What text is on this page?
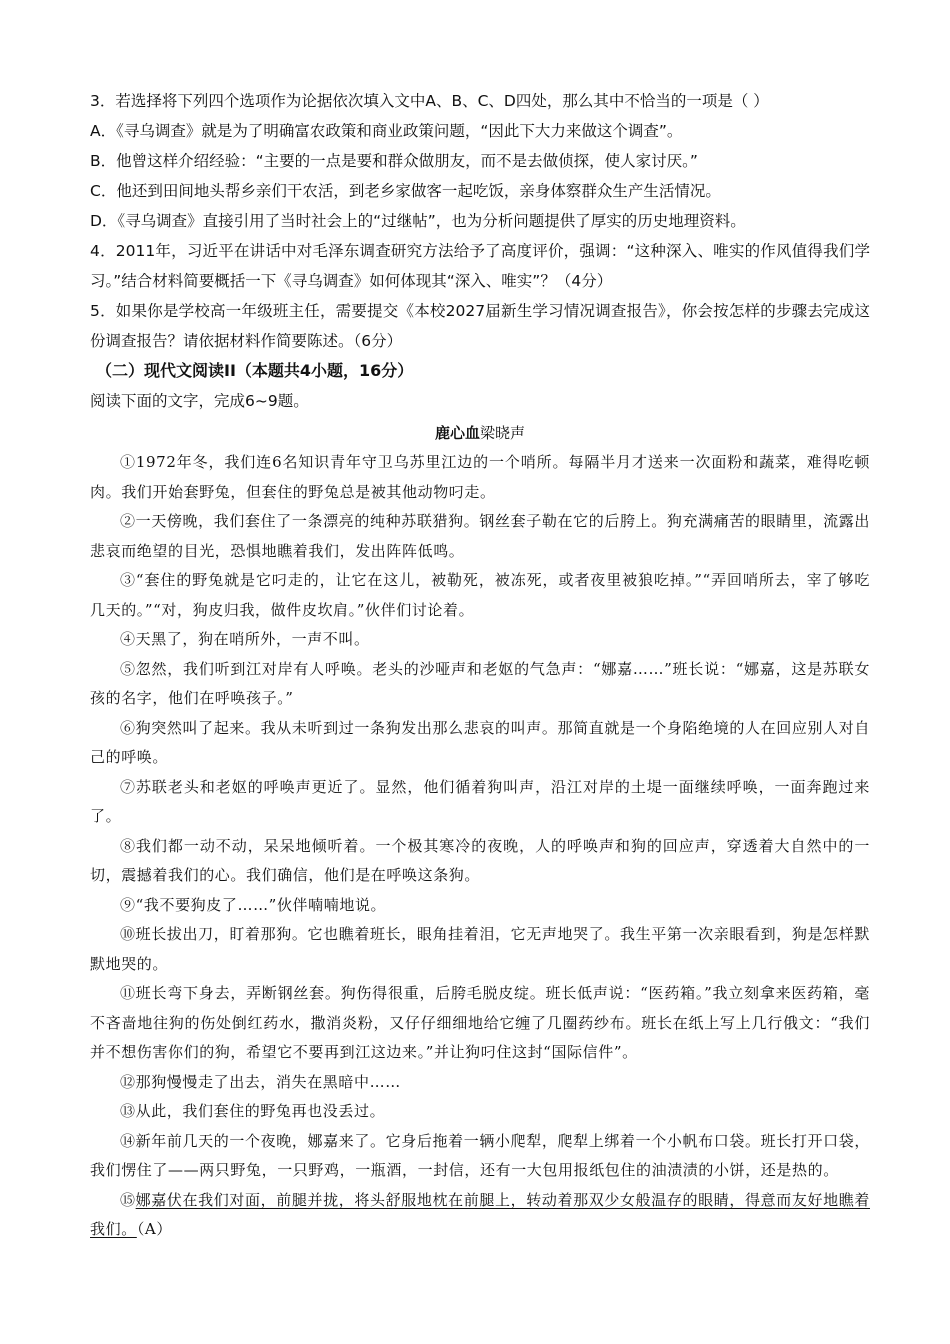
3．若选择将下列四个选项作为论据依次填入文中A、B、C、D四处，那么其中不恰当的一项是（ ）

A．《寻乌调查》就是为了明确富农政策和商业政策问题，“因此下大力来做这个调查”。

B．他曾这样介绍经验：“主要的一点是要和群众做朋友，而不是去做侦探，使人家讨厌。”

C．他还到田间地头帮乡亲们干农活，到老乡家做客一起吃饭，亲身体察群众生产生活情况。

D．《寻乌调查》直接引用了当时社会上的“过继帖”，也为分析问题提供了厚实的历史地理资料。

4．2011年，习近平在讲话中对毛泽东调查研究方法给予了高度评价，强调：“这种深入、唯实的作风值得我们学习。”结合材料简要概括一下《寻乌调查》如何体现其“深入、唯实”？（4分）

5．如果你是学校高一年级班主任，需要提交《本校2027届新生学习情况调查报告》，你会按怎样的步骤去完成这份调查报告？请依据材料作简要陈述。（6分）

（二）现代文阅读II（本题共4小题，16分）

阅读下面的文字，完成6~9题。

鹿心血梁晓声

①1972年冬，我们连6名知识青年守卫乌苏里江边的一个哨所。每隔半月才送来一次面粉和蔬菜，难得吃顿肉。我们开始套野兔，但套住的野兔总是被其他动物叼走。

②一天傍晚，我们套住了一条漂亮的纯种苏联猎狗。钢丝套子勒在它的后胯上。狗充满痛苦的眼睛里，流露出悲哀而绝望的目光，恐惧地瞧着我们，发出阵阵低鸣。

③“套住的野兔就是它叼走的，让它在这儿，被勒死，被冻死，或者夜里被狼吃掉。”“弄回哨所去，宰了够吃几天的。”“对，狗皮归我，做件皮坎肩。”伙伴们讨论着。

④天黑了，狗在哨所外，一声不叫。

⑤忽然，我们听到江对岸有人呼唤。老头的沙哑声和老妪的气急声：“娜嘉……”班长说：“娜嘉，这是苏联女孩的名字，他们在呼唤孩子。”

⑥狗突然叫了起来。我从未听到过一条狗发出那么悲哀的叫声。那简直就是一个身陷绝境的人在回应别人对自己的呼唤。

⑦苏联老头和老妪的呼唤声更近了。显然，他们循着狗叫声，沿江对岸的土堤一面继续呼唤，一面奔跑过来了。

⑧我们都一动不动，呆呆地倾听着。一个极其寒冷的夜晚，人的呼唤声和狗的回应声，穿透着大自然中的一切，震撼着我们的心。我们确信，他们是在呼唤这条狗。

⑨“我不要狗皮了……”伙伴喃喃地说。

⑩班长拔出刀，盯着那狗。它也瞧着班长，眼角挂着泪，它无声地哭了。我生平第一次亲眼看到，狗是怎样默默地哭的。

⑪班长弯下身去，弄断钢丝套。狗伤得很重，后胯毛脱皮绽。班长低声说：“医药箱。”我立刻拿来医药箱，毫不吝啬地往狗的伤处倒红药水，撒消炎粉，又仔仔细细地给它缠了几圈药纱布。班长在纸上写上几行俄文：“我们并不想伤害你们的狗，希望它不要再到江这边来。”并让狗叼住这封“国际信件”。

⑫那狗慢慢走了出去，消失在黑暗中……

⑬从此，我们套住的野兔再也没丢过。

⑭新年前几天的一个夜晚，娜嘉来了。它身后拖着一辆小爬犁，爬犁上绑着一个小帆布口袋。班长打开口袋，我们愣住了——两只野兔，一只野鸡，一瓶酒，一封信，还有一大包用报纸包住的油渍渍的小饼，还是热的。

⑮娜嘉伏在我们对面，前腿并拢，将头舒服地枕在前腿上，转动着那双少女般温存的眼睛，得意而友好地瞧着我们。（A）
